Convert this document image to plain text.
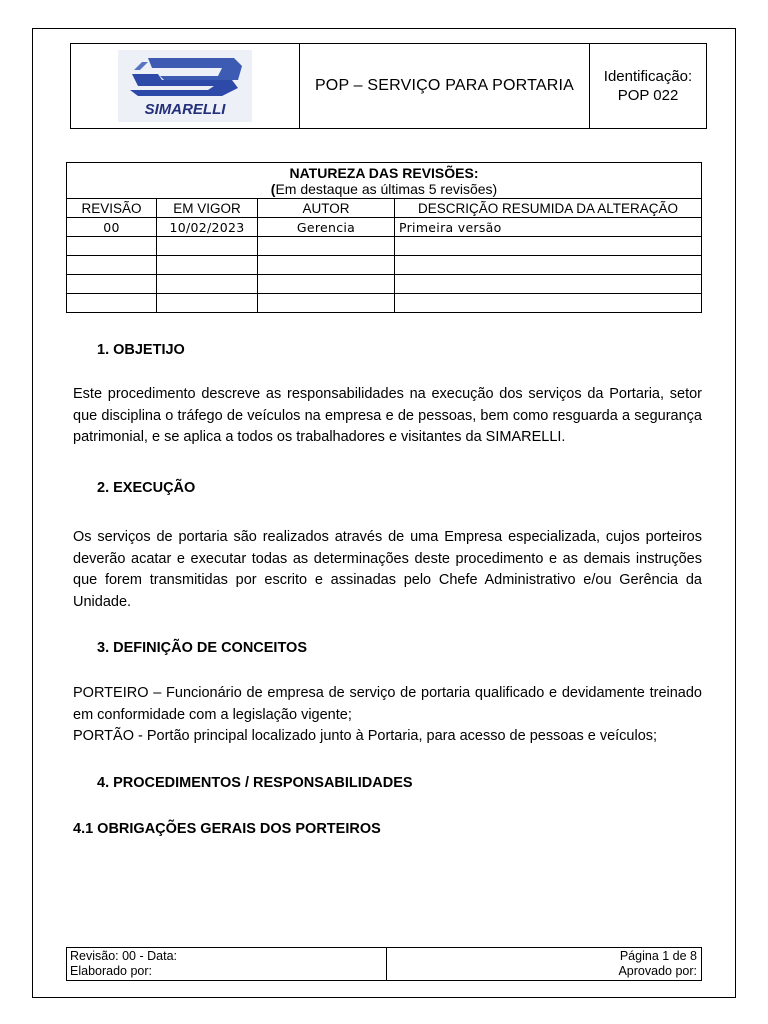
SIMARELLI
POP – SERVIÇO PARA PORTARIA
Identificação:
POP 022
NATUREZA DAS REVISÕES:
(Em destaque as últimas 5 revisões)			

REVISÃO	EM VIGOR	AUTOR	DESCRIÇÃO RESUMIDA DA ALTERAÇÃO
00	10/02/2023	Gerencia	Primeira versão

1. OBJETIJO
Este procedimento descreve as responsabilidades na execução dos serviços da Portaria, setor que disciplina o tráfego de veículos na empresa e de pessoas, bem como resguarda a segurança patrimonial, e se aplica a todos os trabalhadores e visitantes da SIMARELLI.
2. EXECUÇÃO
Os serviços de portaria são realizados através de uma Empresa especializada, cujos porteiros deverão acatar e executar todas as determinações deste procedimento e as demais instruções que forem transmitidas por escrito e assinadas pelo Chefe Administrativo e/ou Gerência da Unidade.
3. DEFINIÇÃO DE CONCEITOS

PORTEIRO – Funcionário de empresa de serviço de portaria qualificado e devidamente treinado em conformidade com a legislação vigente;

PORTÃO - Portão principal localizado junto à Portaria, para acesso de pessoas e veículos;

4. PROCEDIMENTOS / RESPONSABILIDADES
4.1 OBRIGAÇÕES GERAIS DOS PORTEIROS
Revisão: 00 - Data:
Elaborado por:
Página 1 de 8
Aprovado por:
